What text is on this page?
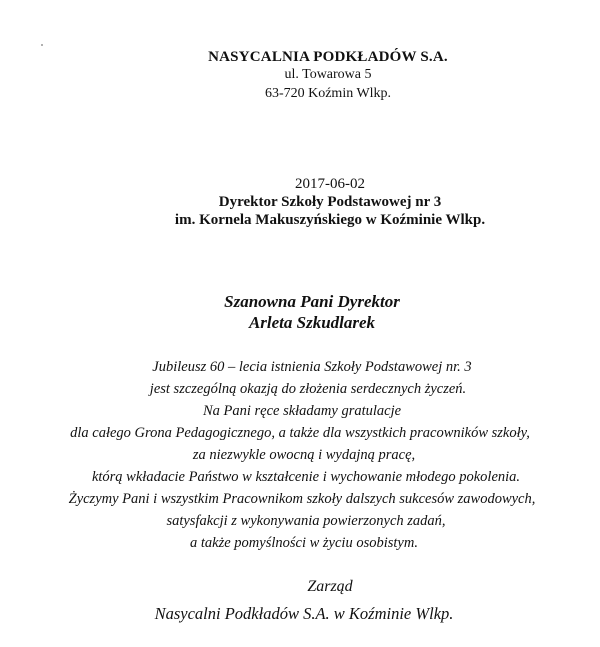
NASYCALNIA PODKŁADÓW S.A.
ul. Towarowa 5
63-720 Koźmin Wlkp.
2017-06-02
Dyrektor Szkoły Podstawowej nr 3
im. Kornela Makuszyńskiego w Koźminie Wlkp.
Szanowna Pani Dyrektor
Arleta Szkudlarek
Jubileusz 60 – lecia istnienia Szkoły Podstawowej nr. 3
jest szczególną okazją do złożenia serdecznych życzeń.
Na Pani ręce składamy gratulacje
dla całego Grona Pedagogicznego, a także dla wszystkich pracowników szkoły,
za niezwykle owocną i wydajną pracę,
którą wkładacie Państwo w kształcenie i wychowanie młodego pokolenia.
Życzymy Pani i wszystkim Pracownikom szkoły dalszych sukcesów zawodowych,
satysfakcji z wykonywania powierzonych zadań,
a także pomyślności w życiu osobistym.
Zarząd
Nasycalni Podkładów S.A. w Koźminie Wlkp.
